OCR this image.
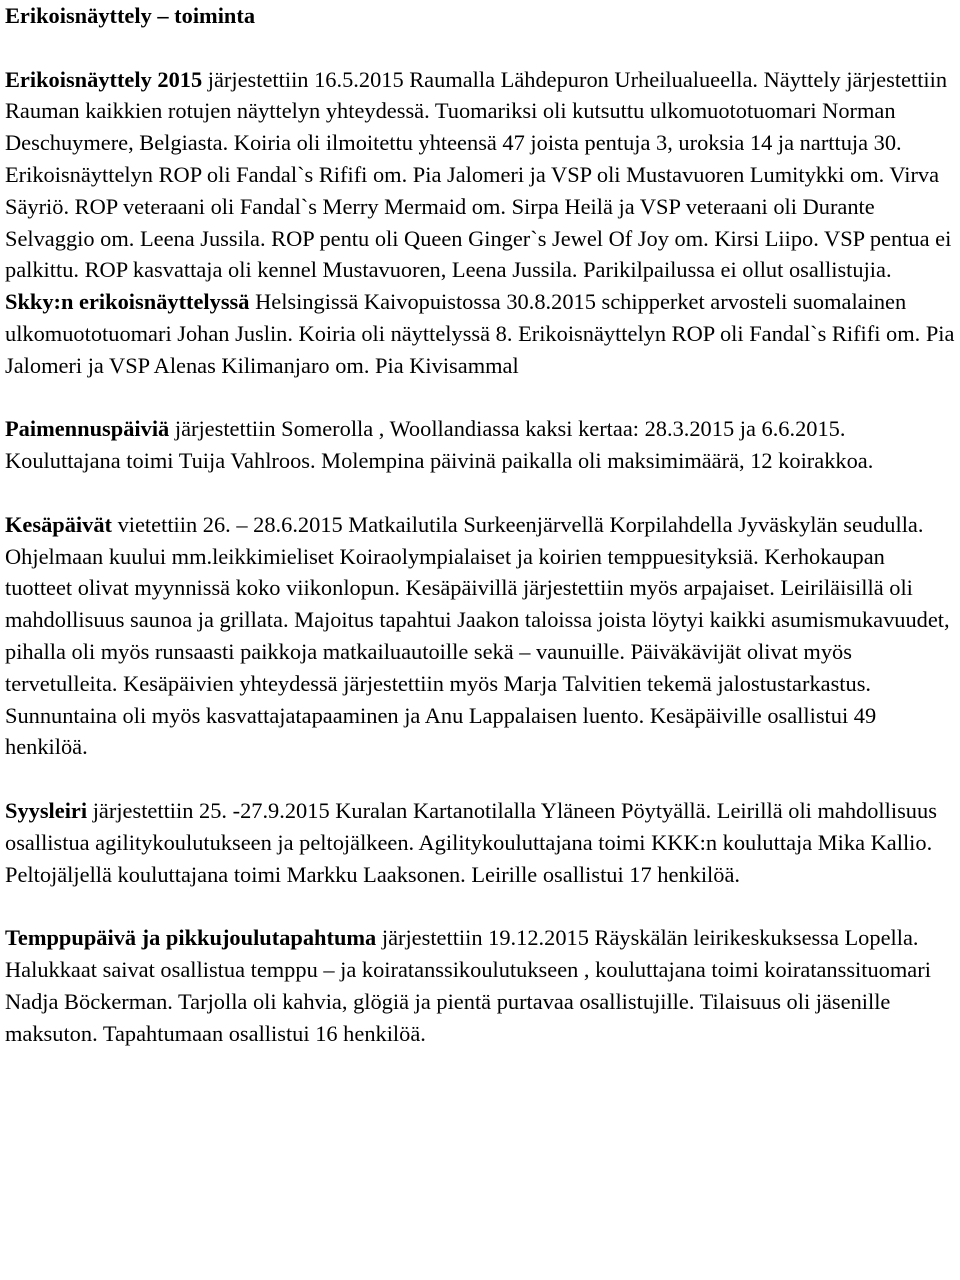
Erikoisnäyttely – toiminta

Erikoisnäyttely 2015 järjestettiin 16.5.2015 Raumalla Lähdepuron Urheilualueella. Näyttely järjestettiin Rauman kaikkien rotujen näyttelyn yhteydessä. Tuomariksi oli kutsuttu ulkomuototuomari Norman Deschuymere, Belgiasta. Koiria oli ilmoitettu yhteensä 47 joista pentuja 3, uroksia 14 ja narttuja 30. Erikoisnäyttelyn ROP oli Fandal`s Rififi om. Pia Jalomeri ja VSP oli Mustavuoren Lumitykki om. Virva Säyriö. ROP veteraani oli Fandal`s Merry Mermaid om. Sirpa Heilä ja VSP veteraani oli Durante Selvaggio om. Leena Jussila. ROP pentu oli Queen Ginger`s Jewel Of Joy om. Kirsi Liipo. VSP pentua ei palkittu. ROP kasvattaja oli kennel Mustavuoren, Leena Jussila. Parikilpailussa ei ollut osallistujia. Skky:n erikoisnäyttelyssä Helsingissä Kaivopuistossa 30.8.2015 schipperket arvosteli suomalainen ulkomuototuomari Johan Juslin. Koiria oli näyttelyssä 8. Erikoisnäyttelyn ROP oli Fandal`s Rififi om. Pia Jalomeri ja VSP Alenas Kilimanjaro om. Pia Kivisammal

Paimennuspäiviä järjestettiin Somerolla , Woollandiassa kaksi kertaa: 28.3.2015 ja 6.6.2015. Kouluttajana toimi Tuija Vahlroos. Molempina päivinä paikalla oli maksimimäärä, 12 koirakkoa.

Kesäpäivät vietettiin 26. – 28.6.2015 Matkailutila Surkeenjärvellä Korpilahdella Jyväskylän seudulla. Ohjelmaan kuului mm.leikkimieliset Koiraolympialaiset ja koirien temppuesityksiä. Kerhokaupan tuotteet olivat myynnissä koko viikonlopun. Kesäpäivillä järjestettiin myös arpajaiset. Leiriläisillä oli mahdollisuus saunoa ja grillata. Majoitus tapahtui Jaakon taloissa joista löytyi kaikki asumismukavuudet, pihalla oli myös runsaasti paikkoja matkailuautoille sekä – vaunuille. Päiväkävijät olivat myös tervetulleita. Kesäpäivien yhteydessä järjestettiin myös Marja Talvitien tekemä jalostustarkastus. Sunnuntaina oli myös kasvattajatapaaminen ja Anu Lappalaisen luento. Kesäpäiville osallistui 49 henkilöä.

Syysleiri järjestettiin 25. -27.9.2015 Kuralan Kartanotilalla Yläneen Pöytyällä. Leirillä oli mahdollisuus osallistua agilitykoulutukseen ja peltojälkeen. Agilitykouluttajana toimi KKK:n kouluttaja Mika Kallio. Peltojäljellä kouluttajana toimi Markku Laaksonen. Leirille osallistui 17 henkilöä.

Temppupäivä ja pikkujoulutapahtuma järjestettiin 19.12.2015 Räyskälän leirikeskuksessa Lopella. Halukkaat saivat osallistua temppu – ja koiratanssikoulutukseen , kouluttajana toimi koiratanssituomari Nadja Böckerman. Tarjolla oli kahvia, glögiä ja pientä purtavaa osallistujille. Tilaisuus oli jäsenille maksuton. Tapahtumaan osallistui 16 henkilöä.
